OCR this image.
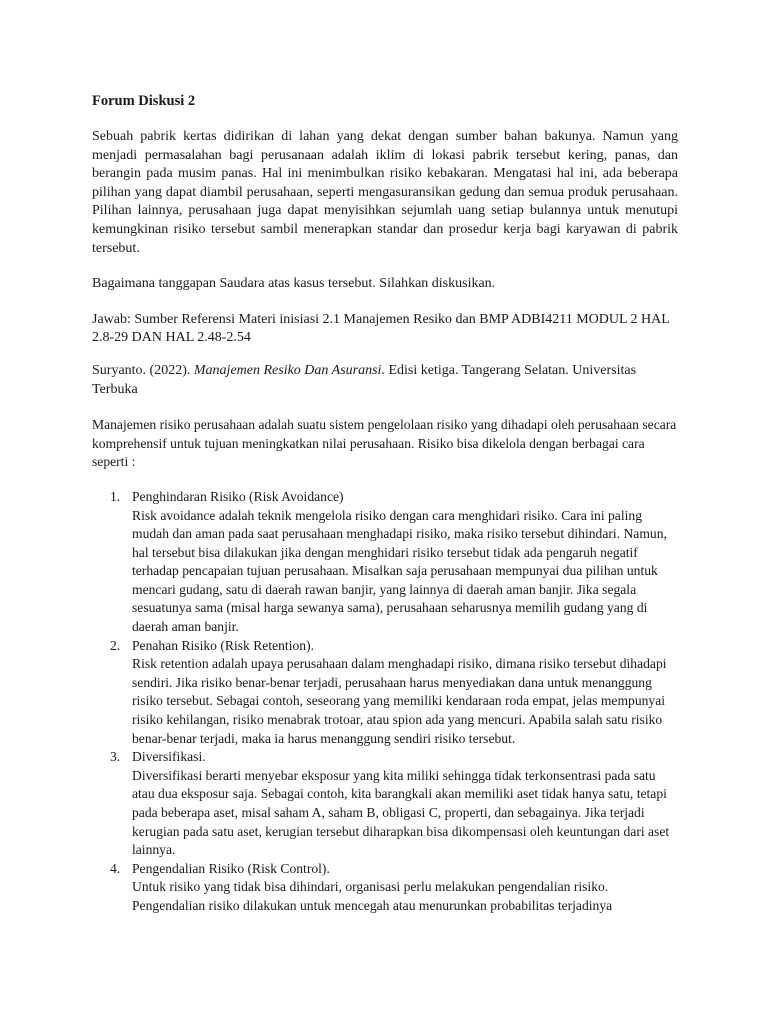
Forum Diskusi 2

Sebuah pabrik kertas didirikan di lahan yang dekat dengan sumber bahan bakunya. Namun yang menjadi permasalahan bagi perusanaan adalah iklim di lokasi pabrik tersebut kering, panas, dan berangin pada musim panas. Hal ini menimbulkan risiko kebakaran. Mengatasi hal ini, ada beberapa pilihan yang dapat diambil perusahaan, seperti mengasuransikan gedung dan semua produk perusahaan. Pilihan lainnya, perusahaan juga dapat menyisihkan sejumlah uang setiap bulannya untuk menutupi kemungkinan risiko tersebut sambil menerapkan standar dan prosedur kerja bagi karyawan di pabrik tersebut.

Bagaimana tanggapan Saudara atas kasus tersebut. Silahkan diskusikan.

Jawab: Sumber Referensi Materi inisiasi 2.1 Manajemen Resiko dan BMP ADBI4211 MODUL 2 HAL 2.8-29 DAN HAL 2.48-2.54

Suryanto. (2022). Manajemen Resiko Dan Asuransi. Edisi ketiga. Tangerang Selatan. Universitas Terbuka

Manajemen risiko perusahaan adalah suatu sistem pengelolaan risiko yang dihadapi oleh perusahaan secara komprehensif untuk tujuan meningkatkan nilai perusahaan. Risiko bisa dikelola dengan berbagai cara seperti :

1. Penghindaran Risiko (Risk Avoidance)
Risk avoidance adalah teknik mengelola risiko dengan cara menghidari risiko. Cara ini paling mudah dan aman pada saat perusahaan menghadapi risiko, maka risiko tersebut dihindari. Namun, hal tersebut bisa dilakukan jika dengan menghidari risiko tersebut tidak ada pengaruh negatif terhadap pencapaian tujuan perusahaan. Misalkan saja perusahaan mempunyai dua pilihan untuk mencari gudang, satu di daerah rawan banjir, yang lainnya di daerah aman banjir. Jika segala sesuatunya sama (misal harga sewanya sama), perusahaan seharusnya memilih gudang yang di daerah aman banjir.
2. Penahan Risiko (Risk Retention).
Risk retention adalah upaya perusahaan dalam menghadapi risiko, dimana risiko tersebut dihadapi sendiri. Jika risiko benar-benar terjadi, perusahaan harus menyediakan dana untuk menanggung risiko tersebut. Sebagai contoh, seseorang yang memiliki kendaraan roda empat, jelas mempunyai risiko kehilangan, risiko menabrak trotoar, atau spion ada yang mencuri. Apabila salah satu risiko benar-benar terjadi, maka ia harus menanggung sendiri risiko tersebut.
3. Diversifikasi.
Diversifikasi berarti menyebar eksposur yang kita miliki sehingga tidak terkonsentrasi pada satu atau dua eksposur saja. Sebagai contoh, kita barangkali akan memiliki aset tidak hanya satu, tetapi pada beberapa aset, misal saham A, saham B, obligasi C, properti, dan sebagainya. Jika terjadi kerugian pada satu aset, kerugian tersebut diharapkan bisa dikompensasi oleh keuntungan dari aset lainnya.
4. Pengendalian Risiko (Risk Control).
Untuk risiko yang tidak bisa dihindari, organisasi perlu melakukan pengendalian risiko. Pengendalian risiko dilakukan untuk mencegah atau menurunkan probabilitas terjadinya
